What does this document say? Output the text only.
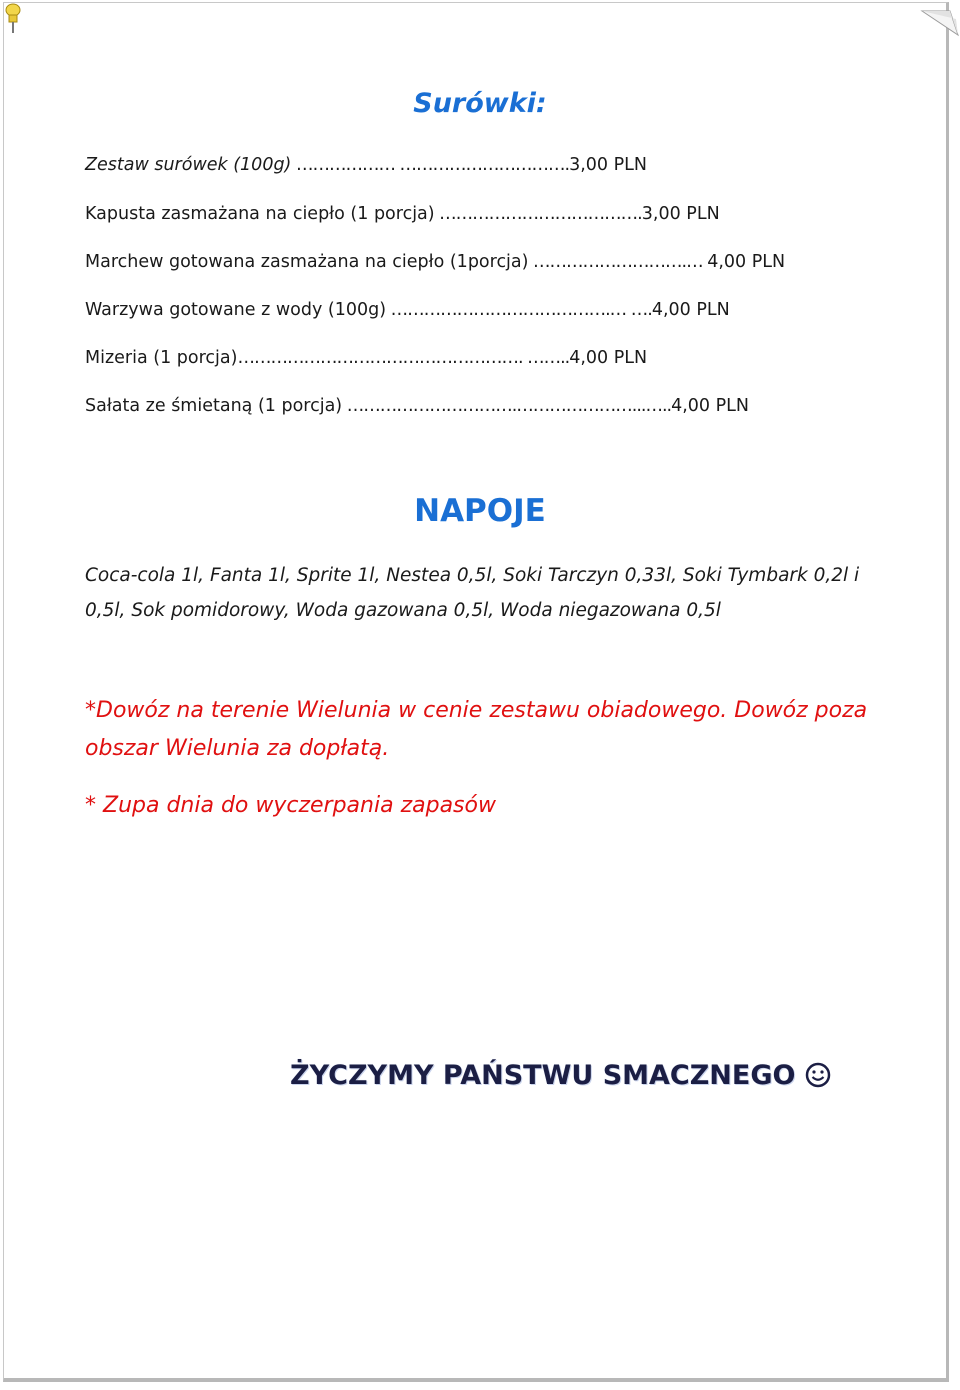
Surówki:
Zestaw surówek (100g) ……………… ………………………….3,00 PLN
Kapusta zasmażana na ciepło (1 porcja) ……………………………….3,00 PLN
Marchew gotowana zasmażana na ciepło (1porcja) ……………………….… 4,00 PLN
Warzywa gotowane z wody (100g) ………………………………….… ….4,00 PLN
Mizeria (1 porcja)……………………………………………. ……..4,00 PLN
Sałata ze śmietaną (1 porcja) ………………………….…………………...…..4,00 PLN
NAPOJE
Coca-cola 1l, Fanta 1l, Sprite 1l, Nestea 0,5l, Soki Tarczyn 0,33l, Soki Tymbark 0,2l i 0,5l, Sok pomidorowy, Woda gazowana 0,5l, Woda niegazowana 0,5l
*Dowóz na terenie Wielunia w cenie zestawu obiadowego. Dowóz poza obszar Wielunia za dopłatą.
* Zupa dnia do wyczerpania zapasów
ŻYCZYMY PAŃSTWU SMACZNEGO
